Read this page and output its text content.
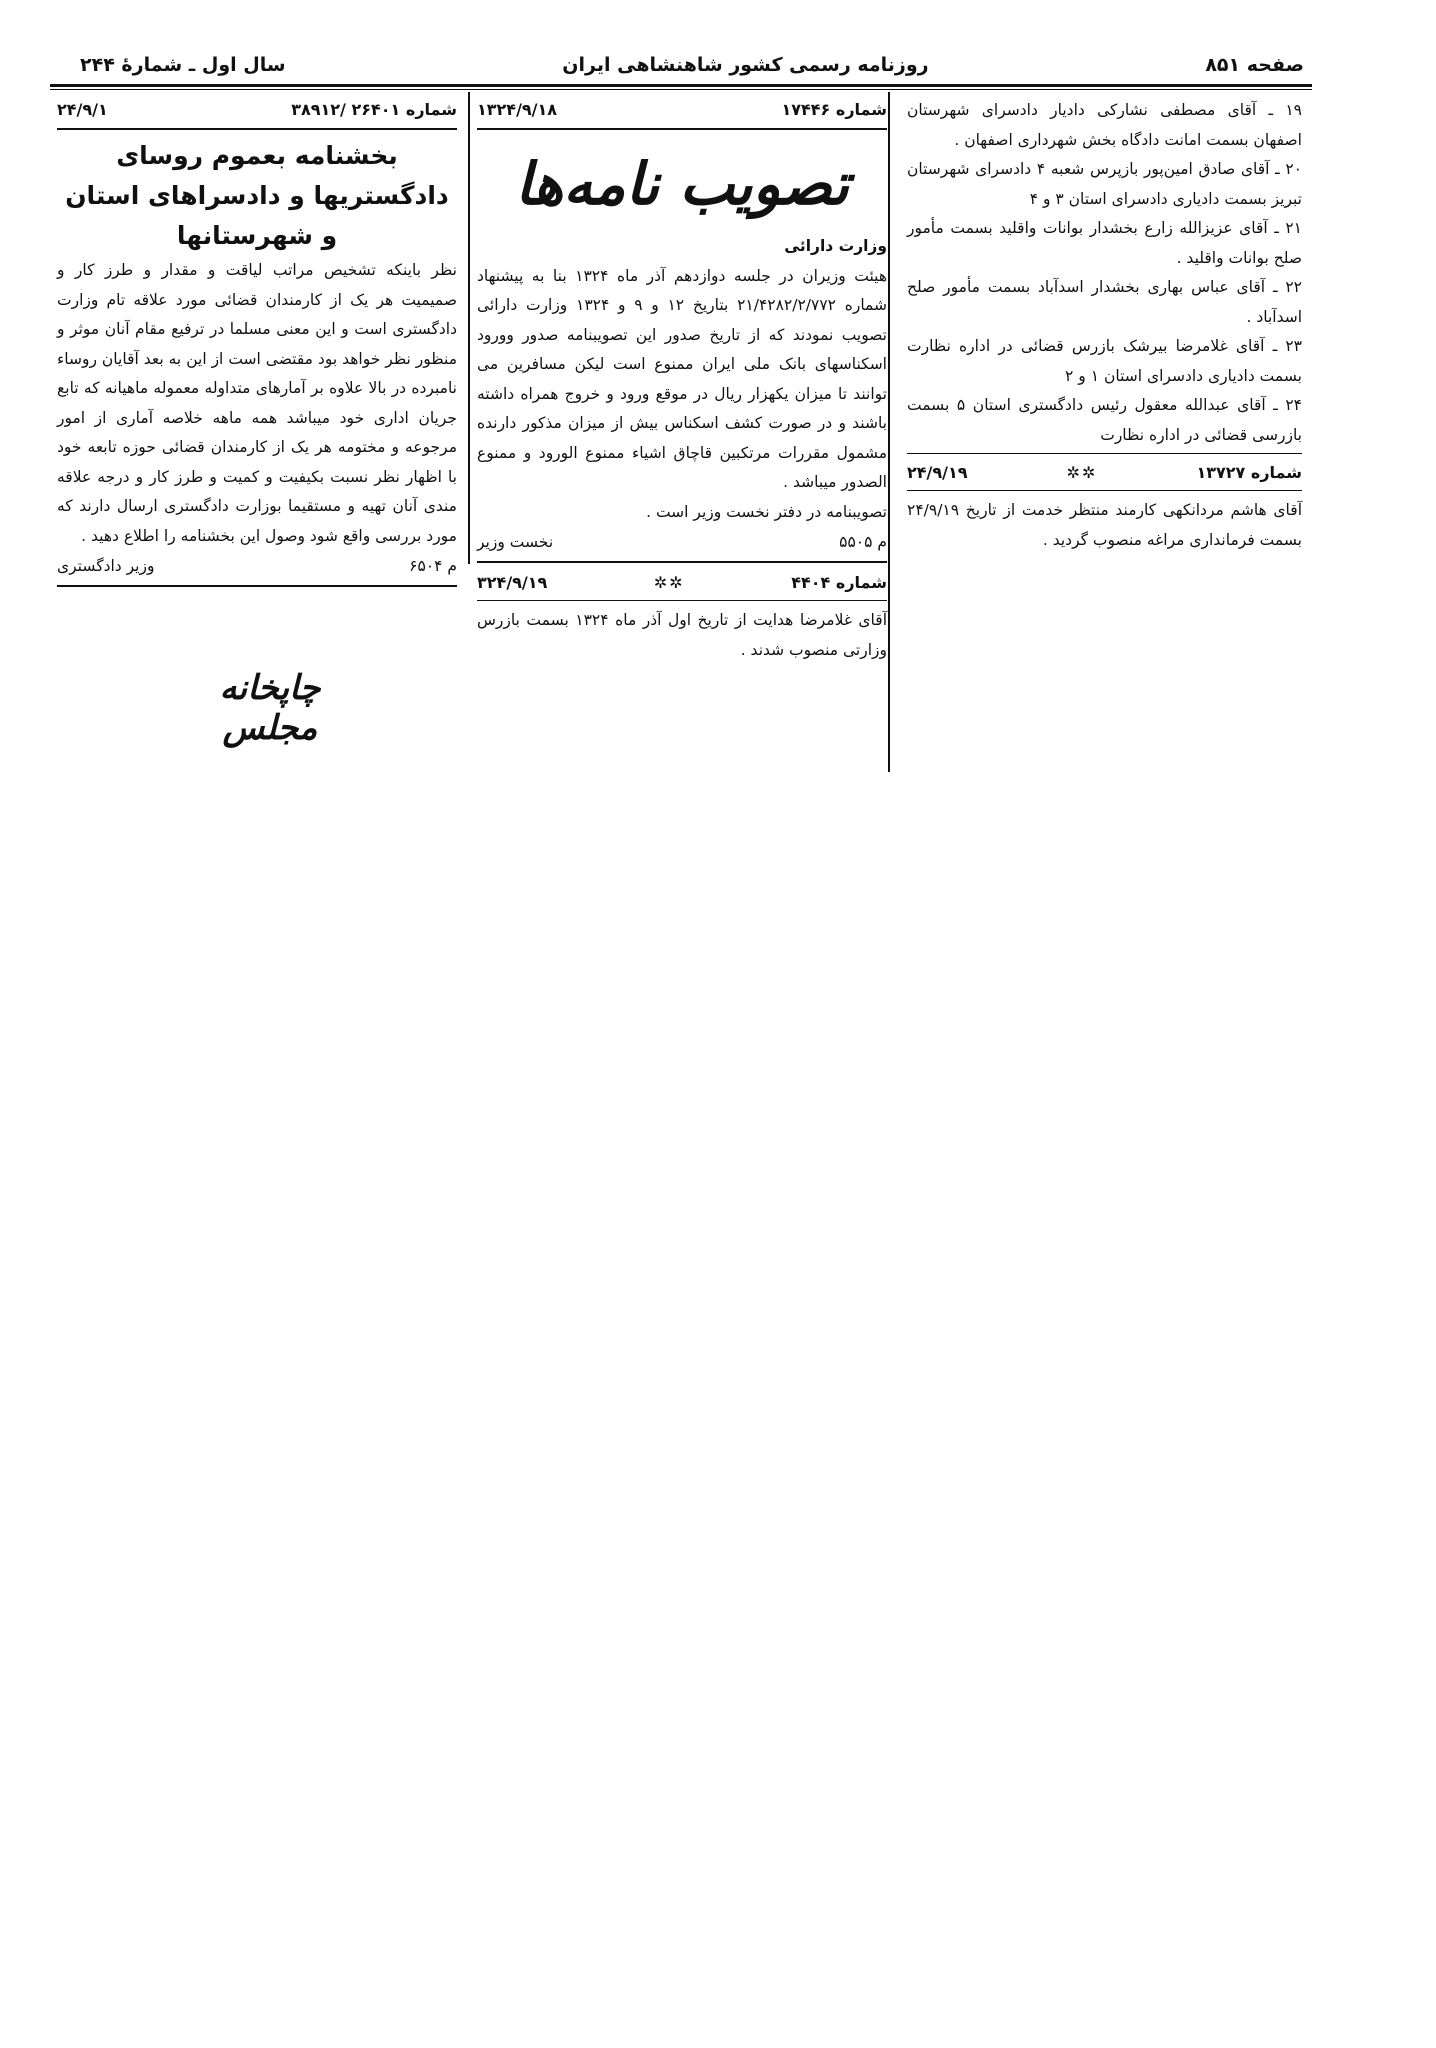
صفحه ۸۵۱
روزنامه رسمی کشور شاهنشاهی ایران
سال اول ـ شمارهٔ ۲۴۴

۱۹ ـ آقای مصطفی نشارکی دادیار دادسرای شهرستان اصفهان بسمت امانت دادگاه بخش شهرداری اصفهان .

۲۰ ـ آقای صادق امین‌پور بازپرس شعبه ۴ دادسرای شهرستان تبریز بسمت دادیاری دادسرای استان ۳ و ۴

۲۱ ـ آقای عزیزالله زارع بخشدار بوانات واقلید بسمت مأمور صلح بوانات واقلید .

۲۲ ـ آقای عباس بهاری بخشدار اسدآباد بسمت مأمور صلح اسدآباد .

۲۳ ـ آقای غلامرضا بیرشک بازرس قضائی در اداره نظارت بسمت دادیاری دادسرای استان ۱ و ۲

۲۴ ـ آقای عبدالله معقول رئیس دادگستری استان ۵ بسمت بازرسی قضائی در اداره نظارت

شماره ۱۳۷۲۷
✲✲
۲۴/۹/۱۹

آقای هاشم مردانکهی کارمند منتظر خدمت از تاریخ ۲۴/۹/۱۹ بسمت فرمانداری مراغه منصوب گردید .

شماره ۱۷۴۴۶
۱۳۲۴/۹/۱۸
تصویب نامه‌ها

وزارت دارائی

هیئت وزیران در جلسه دوازدهم آذر ماه ۱۳۲۴ بنا به پیشنهاد شماره ۲۱/۴۲۸۲/۲/۷۷۲ بتاریخ ۱۲ و ۹ و ۱۳۲۴ وزارت دارائی تصویب نمودند که از تاریخ صدور این تصویبنامه صدور وورود اسکناسهای بانک ملی ایران ممنوع است لیکن مسافرین می توانند تا میزان یکهزار ریال در موقع ورود و خروج همراه داشته باشند و در صورت کشف اسکناس بیش از میزان مذکور دارنده مشمول مقررات مرتکبین قاچاق اشیاء ممنوع الورود و ممنوع الصدور میباشد .

تصویبنامه در دفتر نخست وزیر است .

م ۵۵۰۵
نخست وزیر
شماره ۴۴۰۴
✲✲
۳۲۴/۹/۱۹

آقای غلامرضا هدایت از تاریخ اول آذر ماه ۱۳۲۴ بسمت بازرس وزارتی منصوب شدند .

شماره ۲۶۴۰۱ /۳۸۹۱۲
۲۴/۹/۱
بخشنامه بعموم روسای دادگستریها و دادسراهای استان و شهرستانها

نظر باینکه تشخیص مراتب لیاقت و مقدار و طرز کار و صمیمیت هر یک از کارمندان قضائی مورد علاقه تام وزارت دادگستری است و این معنی مسلما در ترفیع مقام آنان موثر و منظور نظر خواهد بود مقتضی است از این به بعد آقایان روساء نامبرده در بالا علاوه بر آمارهای متداوله معموله ماهیانه که تابع جریان اداری خود میباشد همه ماهه خلاصه آماری از امور مرجوعه و مختومه هر یک از کارمندان قضائی حوزه تابعه خود با اظهار نظر نسبت بکیفیت و کمیت و طرز کار و درجه علاقه مندی آنان تهیه و مستقیما بوزارت دادگستری ارسال دارند که مورد بررسی واقع شود وصول این بخشنامه را اطلاع دهید .

م ۶۵۰۴
وزیر دادگستری
چاپخانه مجلس
